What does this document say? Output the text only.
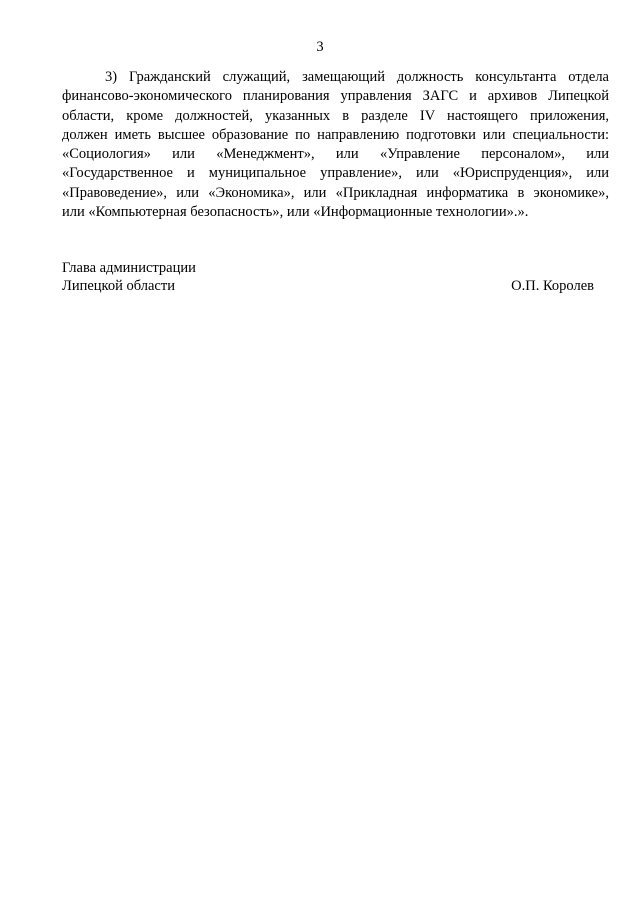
3

3) Гражданский служащий, замещающий должность консультанта отдела
финансово-экономического планирования управления ЗАГС и архивов Липецкой
области, кроме должностей, указанных в разделе IV настоящего приложения,
должен иметь высшее образование по направлению подготовки или специальности:
«Социология» или «Менеджмент», или «Управление персоналом», или
«Государственное и муниципальное управление», или «Юриспруденция», или
«Правоведение», или «Экономика», или «Прикладная информатика в экономике»,
или «Компьютерная безопасность», или «Информационные технологии».».

Глава администрации
Липецкой области	О.П. Королев
